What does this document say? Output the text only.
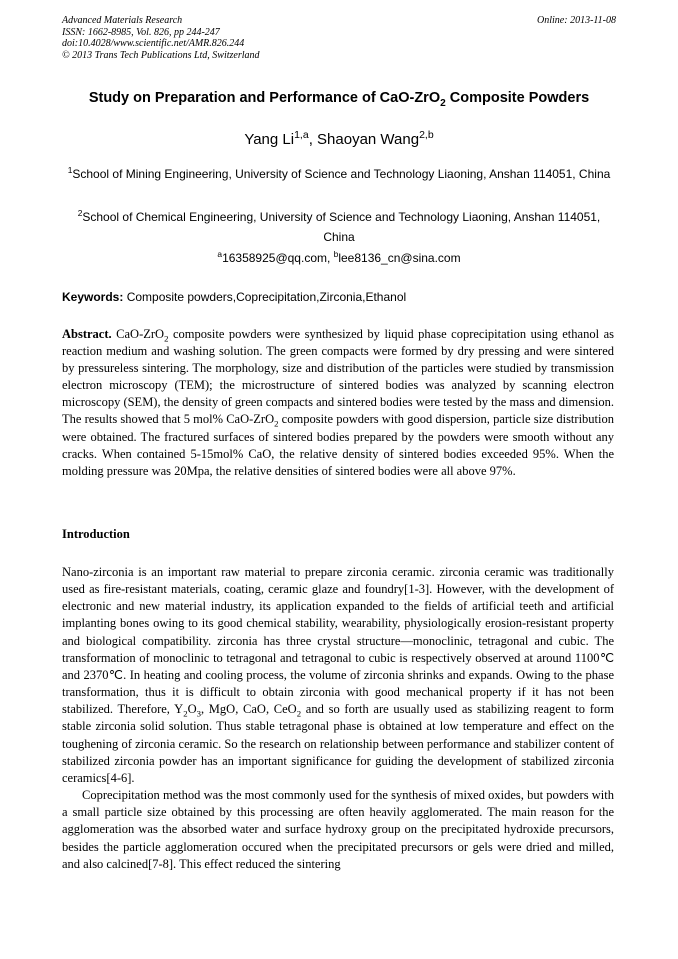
Advanced Materials Research
ISSN: 1662-8985, Vol. 826, pp 244-247
doi:10.4028/www.scientific.net/AMR.826.244
© 2013 Trans Tech Publications Ltd, Switzerland
Online: 2013-11-08
Study on Preparation and Performance of CaO-ZrO$_2$ Composite Powders
Yang Li$^{1,a}$, Shaoyan Wang$^{2,b}$
$^1$School of Mining Engineering, University of Science and Technology Liaoning, Anshan 114051, China
$^2$School of Chemical Engineering, University of Science and Technology Liaoning, Anshan 114051, China
$^a$16358925@qq.com, $^b$lee8136_cn@sina.com
Keywords: Composite powders,Coprecipitation,Zirconia,Ethanol
Abstract. CaO-ZrO$_2$ composite powders were synthesized by liquid phase coprecipitation using ethanol as reaction medium and washing solution. The green compacts were formed by dry pressing and were sintered by pressureless sintering. The morphology, size and distribution of the particles were studied by transmission electron microscopy (TEM); the microstructure of sintered bodies was analyzed by scanning electron microscopy (SEM), the density of green compacts and sintered bodies were tested by the mass and dimension. The results showed that 5 mol% CaO-ZrO$_2$ composite powders with good dispersion, particle size distribution were obtained. The fractured surfaces of sintered bodies prepared by the powders were smooth without any cracks. When contained 5-15mol% CaO, the relative density of sintered bodies exceeded 95%. When the molding pressure was 20Mpa, the relative densities of sintered bodies were all above 97%.
Introduction

Nano-zirconia is an important raw material to prepare zirconia ceramic. zirconia ceramic was traditionally used as fire-resistant materials, coating, ceramic glaze and foundry[1-3]. However, with the development of electronic and new material industry, its application expanded to the fields of artificial teeth and artificial implanting bones owing to its good chemical stability, wearability, physiologically erosion-resistant property and biological compatibility. zirconia has three crystal structure—monoclinic, tetragonal and cubic. The transformation of monoclinic to tetragonal and tetragonal to cubic is respectively observed at around 1100℃ and 2370℃. In heating and cooling process, the volume of zirconia shrinks and expands. Owing to the phase transformation, thus it is difficult to obtain zirconia with good mechanical property if it has not been stabilized. Therefore, $Y_2O_3$, MgO, CaO, CeO$_2$ and so forth are usually used as stabilizing reagent to form stable zirconia solid solution. Thus stable tetragonal phase is obtained at low temperature and effect on the toughening of zirconia ceramic. So the research on relationship between performance and stabilizer content of stabilized zirconia powder has an important significance for guiding the development of stabilized zirconia ceramics[4-6].

Coprecipitation method was the most commonly used for the synthesis of mixed oxides, but powders with a small particle size obtained by this processing are often heavily agglomerated. The main reason for the agglomeration was the absorbed water and surface hydroxy group on the precipitated hydroxide precursors, besides the particle agglomeration occured when the precipitated precursors or gels were dried and milled, and also calcined[7-8]. This effect reduced the sintering
